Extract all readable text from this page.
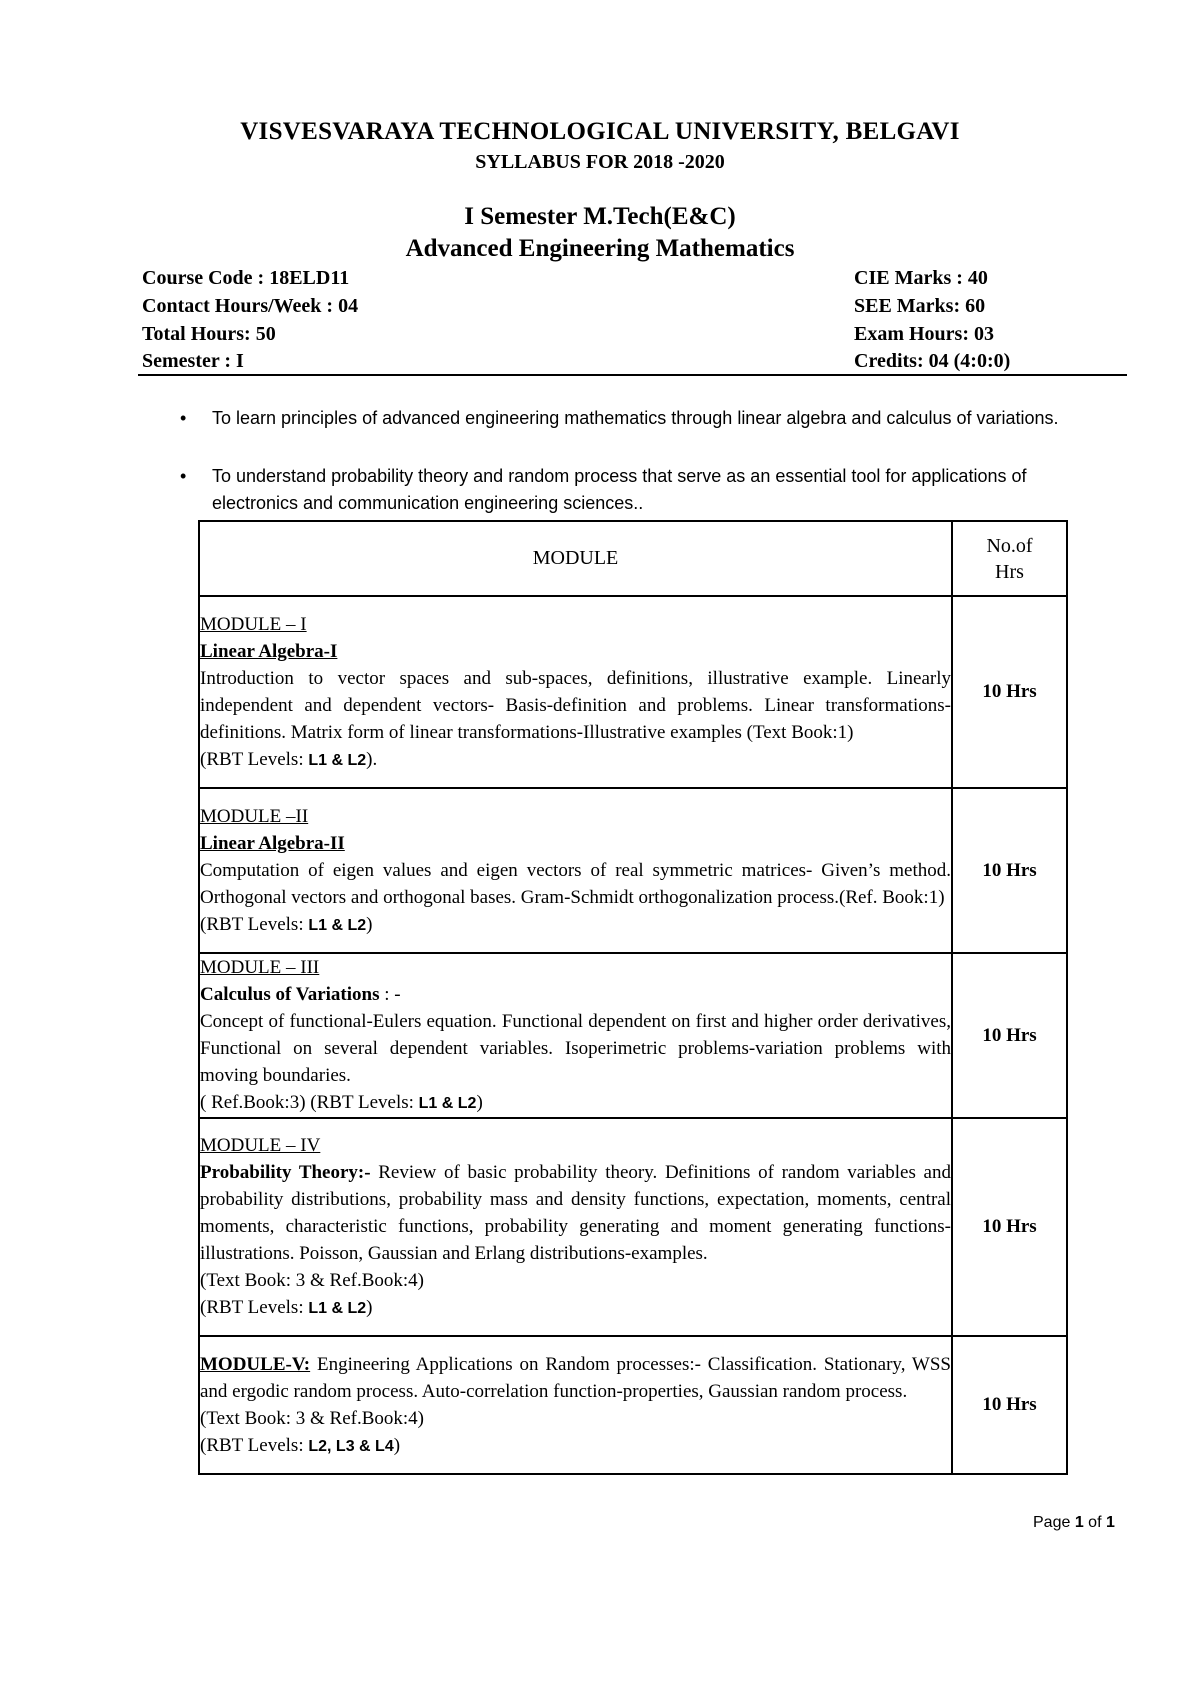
VISVESVARAYA TECHNOLOGICAL UNIVERSITY, BELGAVI
SYLLABUS FOR 2018 -2020
I Semester M.Tech(E&C)
Advanced Engineering Mathematics
Course Code : 18ELD11	CIE Marks : 40
Contact Hours/Week : 04	SEE Marks: 60
Total Hours: 50	Exam Hours: 03
Semester : I	Credits: 04 (4:0:0)
• To learn principles of advanced engineering mathematics through linear algebra and calculus of variations.
• To understand probability theory and random process that serve as an essential tool for applications of electronics and communication engineering sciences..
MODULE	No.of
Hrs
MODULE – I
Linear Algebra-I
Introduction to vector spaces and sub-spaces, definitions, illustrative example. Linearly independent and dependent vectors- Basis-definition and problems. Linear transformations-definitions. Matrix form of linear transformations-Illustrative examples (Text Book:1)
(RBT Levels: L1 & L2).	10 Hrs
MODULE –II
Linear Algebra-II
Computation of eigen values and eigen vectors of real symmetric matrices- Given’s method. Orthogonal vectors and orthogonal bases. Gram-Schmidt orthogonalization process.(Ref. Book:1)
(RBT Levels: L1 & L2)	10 Hrs
MODULE – III
Calculus of Variations : -
Concept of functional-Eulers equation. Functional dependent on first and higher order derivatives, Functional on several dependent variables. Isoperimetric problems-variation problems with moving boundaries.
( Ref.Book:3) (RBT Levels: L1 & L2)	10 Hrs
MODULE – IV
Probability Theory:- Review of basic probability theory. Definitions of random variables and probability distributions, probability mass and density functions, expectation, moments, central moments, characteristic functions, probability generating and moment generating functions-illustrations. Poisson, Gaussian and Erlang distributions-examples.
(Text Book: 3 & Ref.Book:4)
(RBT Levels: L1 & L2)	10 Hrs
MODULE-V: Engineering Applications on Random processes:- Classification. Stationary, WSS and ergodic random process. Auto-correlation function-properties, Gaussian random process.
(Text Book: 3 & Ref.Book:4)
(RBT Levels: L2, L3 & L4)	10 Hrs
Page 1 of 1
